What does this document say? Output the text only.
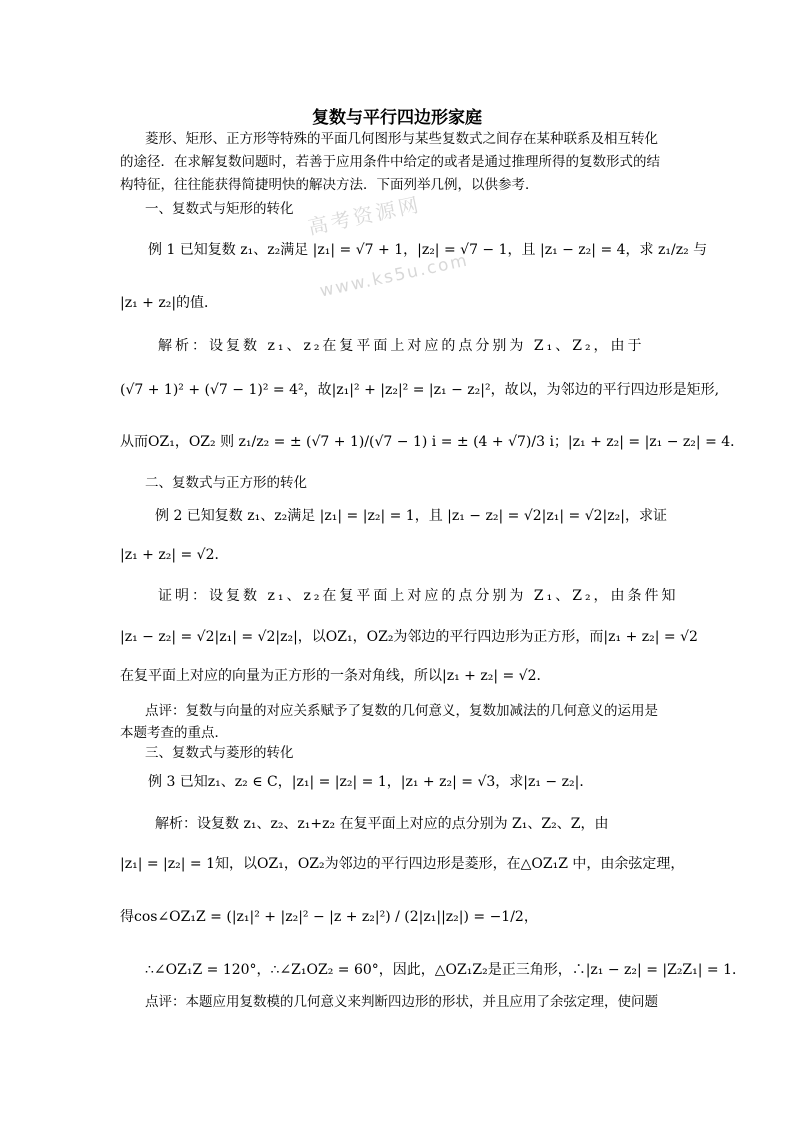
高考资源网
www.ks5u.com
复数与平行四边形家庭
菱形、矩形、正方形等特殊的平面几何图形与某些复数式之间存在某种联系及相互转化
的途径．在求解复数问题时，若善于应用条件中给定的或者是通过推理所得的复数形式的结
构特征，往往能获得简捷明快的解决方法．下面列举几例，以供参考．
一、复数式与矩形的转化
例 1 已知复数 z₁、z₂满足 |z₁| = √7 + 1，|z₂| = √7 − 1，且 |z₁ − z₂| = 4，求 z₁/z₂ 与
|z₁ + z₂|的值．
解析：设复数 z₁、z₂在复平面上对应的点分别为 Z₁、Z₂，由于
(√7 + 1)² + (√7 − 1)² = 4²，故|z₁|² + |z₂|² = |z₁ − z₂|²，故以，为邻边的平行四边形是矩形,
从而OZ₁，OZ₂ 则 z₁/z₂ = ± (√7 + 1)/(√7 − 1) i = ± (4 + √7)/3 i；|z₁ + z₂| = |z₁ − z₂| = 4．
二、复数式与正方形的转化
例 2 已知复数 z₁、z₂满足 |z₁| = |z₂| = 1，且 |z₁ − z₂| = √2|z₁| = √2|z₂|，求证
|z₁ + z₂| = √2．
证明：设复数 z₁、z₂在复平面上对应的点分别为 Z₁、Z₂，由条件知
|z₁ − z₂| = √2|z₁| = √2|z₂|，以OZ₁，OZ₂为邻边的平行四边形为正方形，而|z₁ + z₂| = √2
在复平面上对应的向量为正方形的一条对角线，所以|z₁ + z₂| = √2．
点评：复数与向量的对应关系赋予了复数的几何意义，复数加减法的几何意义的运用是
本题考查的重点．
三、复数式与菱形的转化
例 3 已知z₁、z₂ ∈ C，|z₁| = |z₂| = 1，|z₁ + z₂| = √3，求|z₁ − z₂|．
解析：设复数 z₁、z₂、z₁+z₂ 在复平面上对应的点分别为 Z₁、Z₂、Z，由
|z₁| = |z₂| = 1知，以OZ₁，OZ₂为邻边的平行四边形是菱形，在△OZ₁Z 中，由余弦定理，
得cos∠OZ₁Z = (|z₁|² + |z₂|² − |z + z₂|²) / (2|z₁||z₂|) = −1/2，
∴∠OZ₁Z = 120°，∴∠Z₁OZ₂ = 60°，因此，△OZ₁Z₂是正三角形，∴|z₁ − z₂| = |Z₂Z₁| = 1．
点评：本题应用复数模的几何意义来判断四边形的形状，并且应用了余弦定理，使问题
